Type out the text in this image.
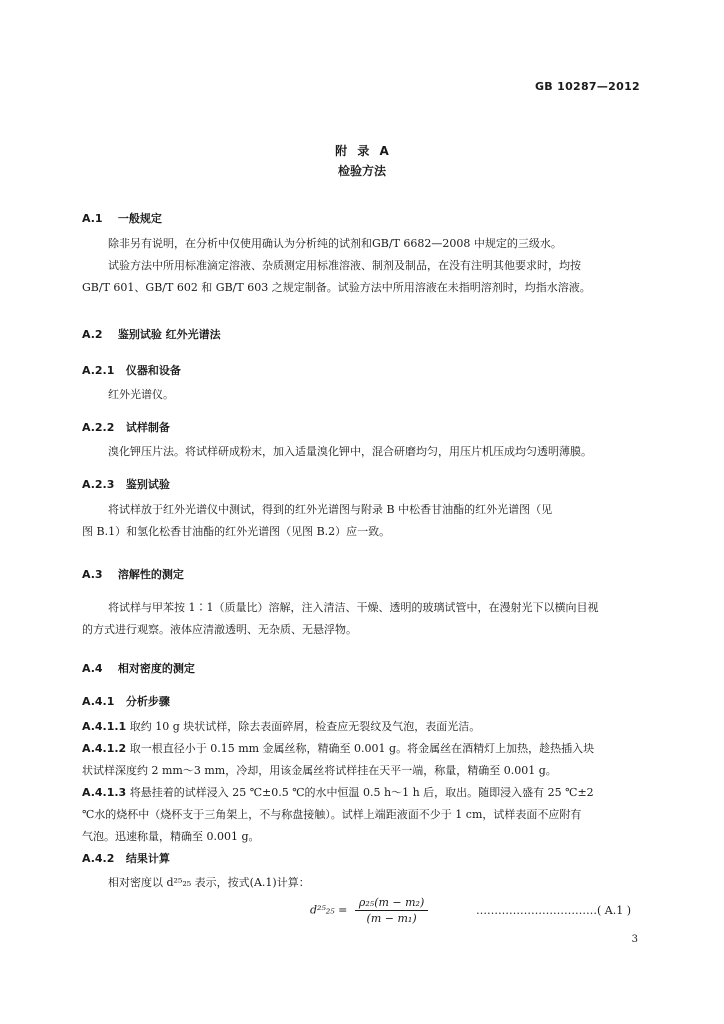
GB 10287—2012
附 录 A
检验方法
A.1 一般规定
除非另有说明，在分析中仅使用确认为分析纯的试剂和GB/T 6682—2008 中规定的三级水。
试验方法中所用标准滴定溶液、杂质测定用标准溶液、制剂及制品，在没有注明其他要求时，均按
GB/T 601、GB/T 602 和 GB/T 603 之规定制备。试验方法中所用溶液在未指明溶剂时，均指水溶液。
A.2 鉴别试验 红外光谱法
A.2.1 仪器和设备
红外光谱仪。
A.2.2 试样制备
溴化钾压片法。将试样研成粉末，加入适量溴化钾中，混合研磨均匀，用压片机压成均匀透明薄膜。
A.2.3 鉴别试验
将试样放于红外光谱仪中测试，得到的红外光谱图与附录 B 中松香甘油酯的红外光谱图（见
图 B.1）和氢化松香甘油酯的红外光谱图（见图 B.2）应一致。
A.3 溶解性的测定
将试样与甲苯按 1∶1（质量比）溶解，注入清洁、干燥、透明的玻璃试管中，在漫射光下以横向目视
的方式进行观察。液体应清澈透明、无杂质、无悬浮物。
A.4 相对密度的测定
A.4.1 分析步骤
A.4.1.1 取约 10 g 块状试样，除去表面碎屑，检查应无裂纹及气泡，表面光洁。
A.4.1.2 取一根直径小于 0.15 mm 金属丝称，精确至 0.001 g。将金属丝在酒精灯上加热，趁热插入块
状试样深度约 2 mm～3 mm，冷却，用该金属丝将试样挂在天平一端，称量，精确至 0.001 g。
A.4.1.3 将悬挂着的试样浸入 25 ℃±0.5 ℃的水中恒温 0.5 h～1 h 后，取出。随即浸入盛有 25 ℃±2
℃水的烧杯中（烧杯支于三角架上，不与称盘接触）。试样上端距液面不少于 1 cm，试样表面不应附有
气泡。迅速称量，精确至 0.001 g。
A.4.2 结果计算
相对密度以 d²⁵₂₅ 表示，按式(A.1)计算：
$d^{25}_{25} = \frac{\text{ρ₂₅(m − m₂)}}{\text{(m − m₁)}}$	……………………………( A.1 )
3
